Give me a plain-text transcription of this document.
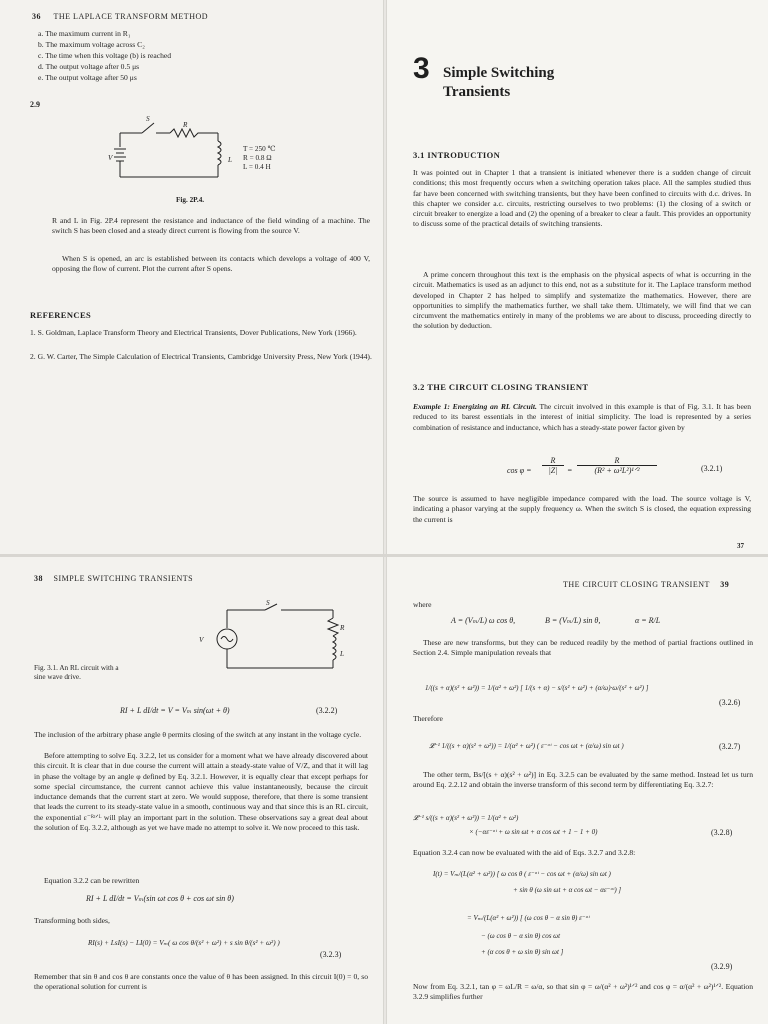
36 THE LAPLACE TRANSFORM METHOD
a. The maximum current in R₁
b. The maximum voltage across C₂
c. The time when this voltage (b) is reached
d. The output voltage after 0.5 μs
e. The output voltage after 50 μs
2.9
S
R
V	L
T = 250 ℃
R = 0.8 Ω
L = 0.4 H
Fig. 2P.4.
R and L in Fig. 2P.4 represent the resistance and inductance of the field winding of a machine. The switch S has been closed and a steady direct current is flowing from the source V.
When S is opened, an arc is established between its contacts which develops a voltage of 400 V, opposing the flow of current. Plot the current after S opens.
REFERENCES
1. S. Goldman, Laplace Transform Theory and Electrical Transients, Dover Publications, New York (1966).
2. G. W. Carter, The Simple Calculation of Electrical Transients, Cambridge University Press, New York (1944).
3 Simple Switching
Transients
3.1 INTRODUCTION
It was pointed out in Chapter 1 that a transient is initiated whenever there is a sudden change of circuit conditions; this most frequently occurs when a switching operation takes place. All the samples studied thus far have been concerned with switching transients, but they have been confined to circuits with d.c. drives. In this chapter we consider a.c. circuits, restricting ourselves to two problems: (1) the closing of a switch or circuit breaker to energize a load and (2) the opening of a breaker to clear a fault. This provides an opportunity to discuss some of the practical details of switching transients.
A prime concern throughout this text is the emphasis on the physical aspects of what is occurring in the circuit. Mathematics is used as an adjunct to this end, not as a substitute for it. The Laplace transform method developed in Chapter 2 has helped to simplify and systematize the mathematics. However, there are opportunities to simplify the mathematics further, we shall take them. Ultimately, we will find that we can circumvent the mathematics entirely in many of the problems we are about to discuss, proceeding directly to the solution by deduction.
3.2 THE CIRCUIT CLOSING TRANSIENT
Example 1: Energizing an RL Circuit. The circuit involved in this example is that of Fig. 3.1. It has been reduced to its barest essentials in the interest of initial simplicity. The load is represented by a series combination of resistance and inductance, which has a steady-state power factor given by
$\cos \varphi = \frac{R}{|Z|}$ =
R
(R² + ω²L²)¹ᐟ²	(3.2.1)
The source is assumed to have negligible impedance compared with the load. The source voltage is V, indicating a phasor varying at the supply frequency ω. When the switch S is closed, the equation expressing the current is
37
38 SIMPLE SWITCHING TRANSIENTS
S
R
L
V
Fig. 3.1. An RL circuit with a sine wave drive.
RI + L dI/dt = V = Vₘ sin(ωt + θ)	(3.2.2)
The inclusion of the arbitrary phase angle θ permits closing of the switch at any instant in the voltage cycle.
Before attempting to solve Eq. 3.2.2, let us consider for a moment what we have already discovered about this circuit. It is clear that in due course the current will attain a steady-state value of V/Z, and that it will lag in phase the voltage by an angle φ defined by Eq. 3.2.1. However, it is equally clear that except perhaps for some special circumstance, the current cannot achieve this value instantaneously, because the circuit inductance demands that the current start at zero. We would suppose, therefore, that there is some transient that leads the current to its steady-state value in a smooth, continuous way and that since this is an RL circuit, the exponential ε⁻ᴿᵗᐟᴸ will play an important part in the solution. These observations say a great deal about the solution of Eq. 3.2.2, although as yet we have made no attempt to solve it. We now proceed to this task.
Equation 3.2.2 can be rewritten
RI + L dI/dt = Vₘ(sin ωt cos θ + cos ωt sin θ)
Transforming both sides,
RI(s) + LsI(s) − LI(0) = Vₘ( ω cos θ/(s² + ω²) + s sin θ/(s² + ω²) )
(3.2.3)
Remember that sin θ and cos θ are constants once the value of θ has been assigned. In this circuit I(0) = 0, so the operational solution for current is
THE CIRCUIT CLOSING TRANSIENT 39
where
A = (Vₘ/L) ω cos θ,	B = (Vₘ/L) sin θ,	α = R/L
These are new transforms, but they can be reduced readily by the method of partial fractions outlined in Section 2.4. Simple manipulation reveals that
1/((s + α)(s² + ω²)) = 1/(α² + ω²) [ 1/(s + α) − s/(s² + ω²) + (α/ω)·ω/(s² + ω²) ]
(3.2.6)
Therefore
𝓛⁻¹ 1/((s + α)(s² + ω²)) = 1/(α² + ω²) ( ε⁻ᵅᵗ − cos ωt + (α/ω) sin ωt )	(3.2.7)
The other term, Bs/[(s + α)(s² + ω²)] in Eq. 3.2.5 can be evaluated by the same method. Instead let us turn around Eq. 2.2.12 and obtain the inverse transform of this second term by differentiating Eq. 3.2.7:
𝓛⁻¹ s/((s + α)(s² + ω²)) = 1/(α² + ω²)
× (−αε⁻ᵅᵗ + ω sin ωt + α cos ωt + 1 − 1 + 0)	(3.2.8)
Equation 3.2.4 can now be evaluated with the aid of Eqs. 3.2.7 and 3.2.8:
I(t) = Vₘ/(L(α² + ω²)) [ ω cos θ ( ε⁻ᵅᵗ − cos ωt + (α/ω) sin ωt )
+ sin θ (ω sin ωt + α cos ωt − αε⁻ᵅᵗ) ]
= Vₘ/(L(α² + ω²)) [ (ω cos θ − α sin θ) ε⁻ᵅᵗ
− (ω cos θ − α sin θ) cos ωt
+ (α cos θ + ω sin θ) sin ωt ]
(3.2.9)
Now from Eq. 3.2.1, tan φ = ωL/R = ω/α, so that sin φ = ω/(α² + ω²)¹ᐟ² and cos φ = α/(α² + ω²)¹ᐟ². Equation 3.2.9 simplifies further
